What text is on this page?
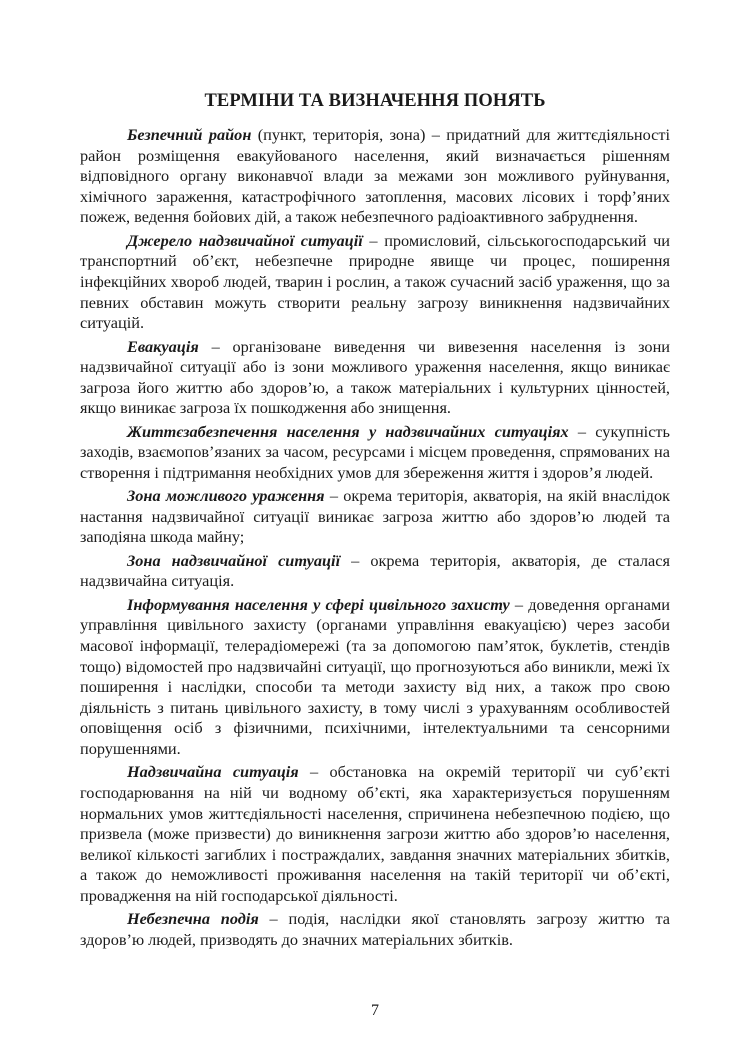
ТЕРМІНИ ТА ВИЗНАЧЕННЯ ПОНЯТЬ

Безпечний район (пункт, територія, зона) – придатний для життєдіяльності район розміщення евакуйованого населення, який визначається рішенням відповідного органу виконавчої влади за межами зон можливого руйнування, хімічного зараження, катастрофічного затоплення, масових лісових і торф’яних пожеж, ведення бойових дій, а також небезпечного радіоактивного забруднення.

Джерело надзвичайної ситуації – промисловий, сільськогосподарський чи транспортний об’єкт, небезпечне природне явище чи процес, поширення інфекційних хвороб людей, тварин і рослин, а також сучасний засіб ураження, що за певних обставин можуть створити реальну загрозу виникнення надзвичайних ситуацій.

Евакуація – організоване виведення чи вивезення населення із зони надзвичайної ситуації або із зони можливого ураження населення, якщо виникає загроза його життю або здоров’ю, а також матеріальних і культурних цінностей, якщо виникає загроза їх пошкодження або знищення.

Життєзабезпечення населення у надзвичайних ситуаціях – сукупність заходів, взаємопов’язаних за часом, ресурсами і місцем проведення, спрямованих на створення і підтримання необхідних умов для збереження життя і здоров’я людей.

Зона можливого ураження – окрема територія, акваторія, на якій внаслідок настання надзвичайної ситуації виникає загроза життю або здоров’ю людей та заподіяна шкода майну;

Зона надзвичайної ситуації – окрема територія, акваторія, де сталася надзвичайна ситуація.

Інформування населення у сфері цивільного захисту – доведення органами управління цивільного захисту (органами управління евакуацією) через засоби масової інформації, телерадіомережі (та за допомогою пам’яток, буклетів, стендів тощо) відомостей про надзвичайні ситуації, що прогнозуються або виникли, межі їх поширення і наслідки, способи та методи захисту від них, а також про свою діяльність з питань цивільного захисту, в тому числі з урахуванням особливостей оповіщення осіб з фізичними, психічними, інтелектуальними та сенсорними порушеннями.

Надзвичайна ситуація – обстановка на окремій території чи суб’єкті господарювання на ній чи водному об’єкті, яка характеризується порушенням нормальних умов життєдіяльності населення, спричинена небезпечною подією, що призвела (може призвести) до виникнення загрози життю або здоров’ю населення, великої кількості загиблих і постраждалих, завдання значних матеріальних збитків, а також до неможливості проживання населення на такій території чи об’єкті, провадження на ній господарської діяльності.

Небезпечна подія – подія, наслідки якої становлять загрозу життю та здоров’ю людей, призводять до значних матеріальних збитків.

7
